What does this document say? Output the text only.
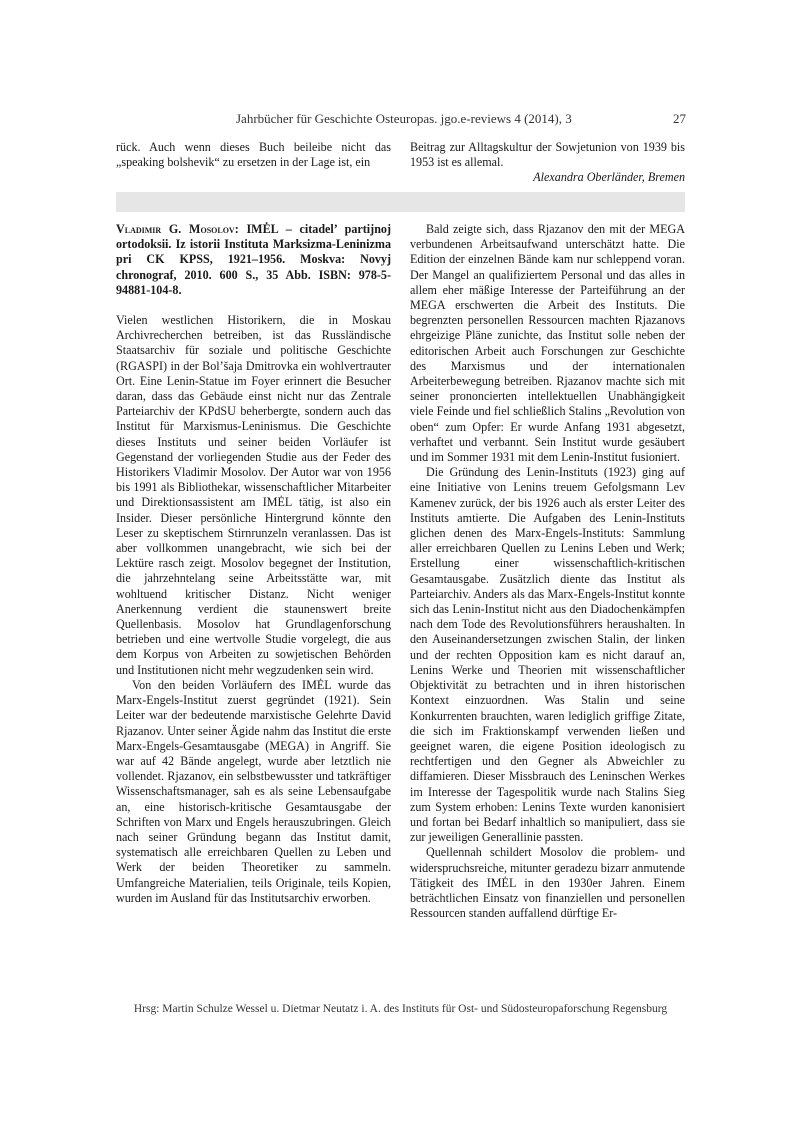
Jahrbücher für Geschichte Osteuropas. jgo.e-reviews 4 (2014), 3	27

rück. Auch wenn dieses Buch beileibe nicht das „speaking bolshevik“ zu ersetzen in der Lage ist, ein

Beitrag zur Alltagskultur der Sowjetunion von 1939 bis 1953 ist es allemal.

Alexandra Oberländer, Bremen

Vladimir G. Mosolov: IMĖL – citadel’ partijnoj ortodoksii. Iz istorii Instituta Marksizma-Leninizma pri CK KPSS, 1921–1956. Moskva: Novyj chronograf, 2010. 600 S., 35 Abb. ISBN: 978-5-94881-104-8.

Vielen westlichen Historikern, die in Moskau Archivrecherchen betreiben, ist das Russländische Staatsarchiv für soziale und politische Geschichte (RGASPI) in der Bol’šaja Dmitrovka ein wohlvertrauter Ort. Eine Lenin-Statue im Foyer erinnert die Besucher daran, dass das Gebäude einst nicht nur das Zentrale Parteiarchiv der KPdSU beherbergte, sondern auch das Institut für Marxismus-Leninismus. Die Geschichte dieses Instituts und seiner beiden Vorläufer ist Gegenstand der vorliegenden Studie aus der Feder des Historikers Vladimir Mosolov. Der Autor war von 1956 bis 1991 als Bibliothekar, wissenschaftlicher Mitarbeiter und Direktionsassistent am IMĖL tätig, ist also ein Insider. Dieser persönliche Hintergrund könnte den Leser zu skeptischem Stirnrunzeln veranlassen. Das ist aber vollkommen unangebracht, wie sich bei der Lektüre rasch zeigt. Mosolov begegnet der Institution, die jahrzehntelang seine Arbeitsstätte war, mit wohltuend kritischer Distanz. Nicht weniger Anerkennung verdient die staunenswert breite Quellenbasis. Mosolov hat Grundlagenforschung betrieben und eine wertvolle Studie vorgelegt, die aus dem Korpus von Arbeiten zu sowjetischen Behörden und Institutionen nicht mehr wegzudenken sein wird.

Von den beiden Vorläufern des IMĖL wurde das Marx-Engels-Institut zuerst gegründet (1921). Sein Leiter war der bedeutende marxistische Gelehrte David Rjazanov. Unter seiner Ägide nahm das Institut die erste Marx-Engels-Gesamtausgabe (MEGA) in Angriff. Sie war auf 42 Bände angelegt, wurde aber letztlich nie vollendet. Rjazanov, ein selbstbewusster und tatkräftiger Wissenschaftsmanager, sah es als seine Lebensaufgabe an, eine historisch-kritische Gesamtausgabe der Schriften von Marx und Engels herauszubringen. Gleich nach seiner Gründung begann das Institut damit, systematisch alle erreichbaren Quellen zu Leben und Werk der beiden Theoretiker zu sammeln. Umfangreiche Materialien, teils Originale, teils Kopien, wurden im Ausland für das Institutsarchiv erworben.

Bald zeigte sich, dass Rjazanov den mit der MEGA verbundenen Arbeitsaufwand unterschätzt hatte. Die Edition der einzelnen Bände kam nur schleppend voran. Der Mangel an qualifiziertem Personal und das alles in allem eher mäßige Interesse der Parteiführung an der MEGA erschwerten die Arbeit des Instituts. Die begrenzten personellen Ressourcen machten Rjazanovs ehrgeizige Pläne zunichte, das Institut solle neben der editorischen Arbeit auch Forschungen zur Geschichte des Marxismus und der internationalen Arbeiterbewegung betreiben. Rjazanov machte sich mit seiner prononcierten intellektuellen Unabhängigkeit viele Feinde und fiel schließlich Stalins „Revolution von oben“ zum Opfer: Er wurde Anfang 1931 abgesetzt, verhaftet und verbannt. Sein Institut wurde gesäubert und im Sommer 1931 mit dem Lenin-Institut fusioniert.

Die Gründung des Lenin-Instituts (1923) ging auf eine Initiative von Lenins treuem Gefolgsmann Lev Kamenev zurück, der bis 1926 auch als erster Leiter des Instituts amtierte. Die Aufgaben des Lenin-Instituts glichen denen des Marx-Engels-Instituts: Sammlung aller erreichbaren Quellen zu Lenins Leben und Werk; Erstellung einer wissenschaftlich-kritischen Gesamtausgabe. Zusätzlich diente das Institut als Parteiarchiv. Anders als das Marx-Engels-Institut konnte sich das Lenin-Institut nicht aus den Diadochenkämpfen nach dem Tode des Revolutionsführers heraushalten. In den Auseinandersetzungen zwischen Stalin, der linken und der rechten Opposition kam es nicht darauf an, Lenins Werke und Theorien mit wissenschaftlicher Objektivität zu betrachten und in ihren historischen Kontext einzuordnen. Was Stalin und seine Konkurrenten brauchten, waren lediglich griffige Zitate, die sich im Fraktionskampf verwenden ließen und geeignet waren, die eigene Position ideologisch zu rechtfertigen und den Gegner als Abweichler zu diffamieren. Dieser Missbrauch des Leninschen Werkes im Interesse der Tagespolitik wurde nach Stalins Sieg zum System erhoben: Lenins Texte wurden kanonisiert und fortan bei Bedarf inhaltlich so manipuliert, dass sie zur jeweiligen Generallinie passten.

Quellennah schildert Mosolov die problem- und widerspruchsreiche, mitunter geradezu bizarr anmutende Tätigkeit des IMĖL in den 1930er Jahren. Einem beträchtlichen Einsatz von finanziellen und personellen Ressourcen standen auffallend dürftige Er-

Hrsg: Martin Schulze Wessel u. Dietmar Neutatz i. A. des Instituts für Ost- und Südosteuropaforschung Regensburg
